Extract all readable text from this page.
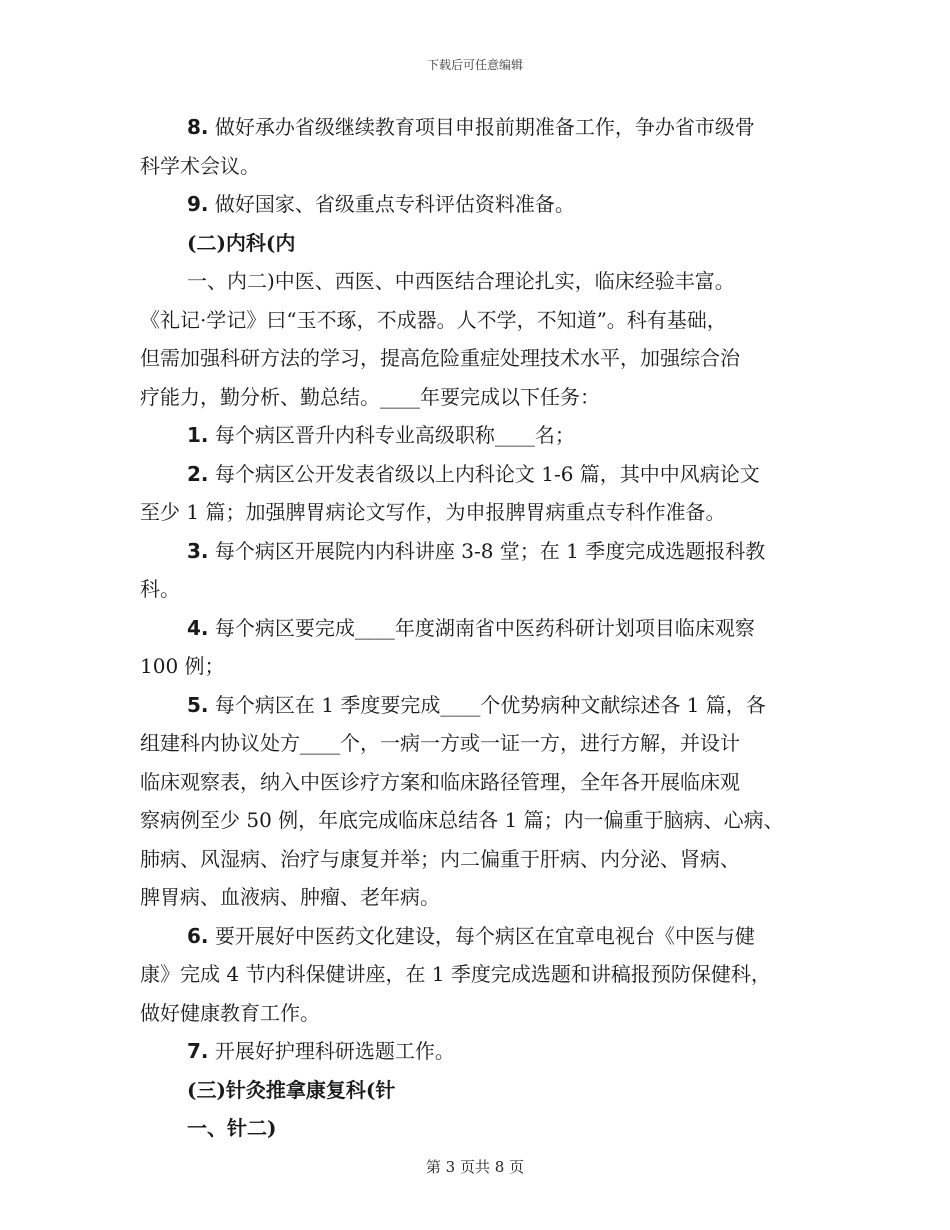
下载后可任意编辑
8. 做好承办省级继续教育项目申报前期准备工作，争办省市级骨
科学术会议。
9. 做好国家、省级重点专科评估资料准备。
(二)内科(内
一、内二)中医、西医、中西医结合理论扎实，临床经验丰富。
《礼记·学记》曰“玉不琢，不成器。人不学，不知道”。科有基础，
但需加强科研方法的学习，提高危险重症处理技术水平，加强综合治
疗能力，勤分析、勤总结。____年要完成以下任务：
1. 每个病区晋升内科专业高级职称____名；
2. 每个病区公开发表省级以上内科论文 1-6 篇，其中中风病论文
至少 1 篇；加强脾胃病论文写作，为申报脾胃病重点专科作准备。
3. 每个病区开展院内内科讲座 3-8 堂；在 1 季度完成选题报科教
科。
4. 每个病区要完成____年度湖南省中医药科研计划项目临床观察
100 例；
5. 每个病区在 1 季度要完成____个优势病种文献综述各 1 篇，各
组建科内协议处方____个，一病一方或一证一方，进行方解，并设计
临床观察表，纳入中医诊疗方案和临床路径管理，全年各开展临床观
察病例至少 50 例，年底完成临床总结各 1 篇；内一偏重于脑病、心病、
肺病、风湿病、治疗与康复并举；内二偏重于肝病、内分泌、肾病、
脾胃病、血液病、肿瘤、老年病。
6. 要开展好中医药文化建设，每个病区在宜章电视台《中医与健
康》完成 4 节内科保健讲座，在 1 季度完成选题和讲稿报预防保健科，
做好健康教育工作。
7. 开展好护理科研选题工作。
(三)针灸推拿康复科(针
一、针二)
第 3 页共 8 页
